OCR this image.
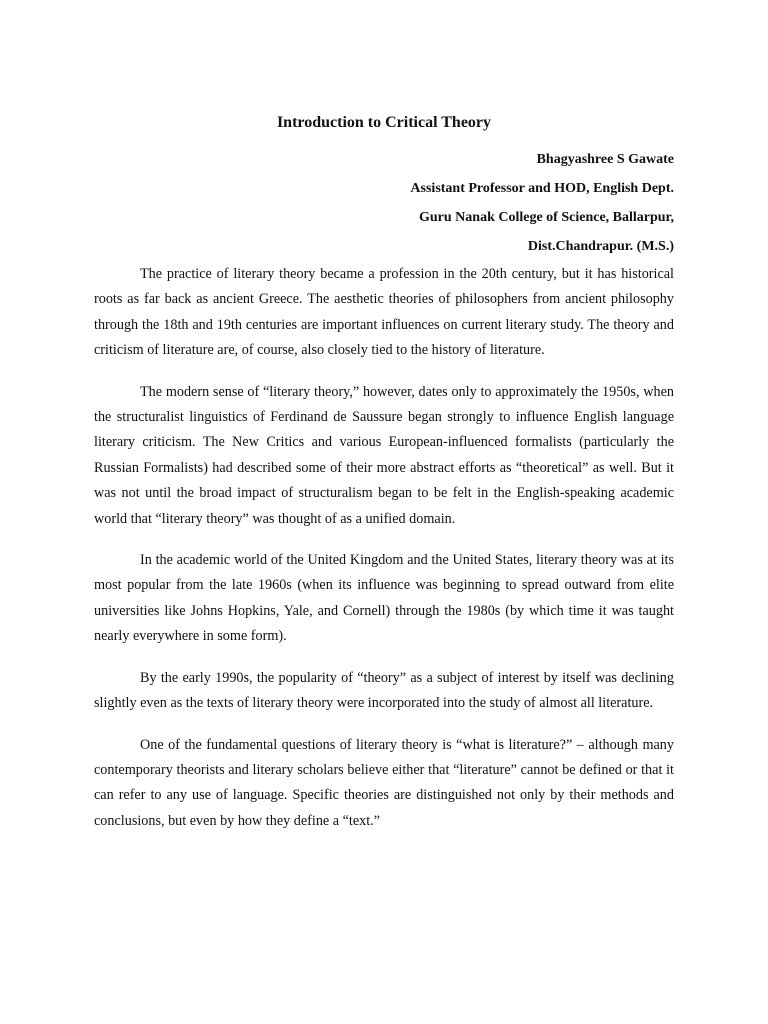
Introduction to Critical Theory
Bhagyashree S Gawate
Assistant Professor and HOD, English Dept.
Guru Nanak College of Science, Ballarpur,
Dist.Chandrapur. (M.S.)

The practice of literary theory became a profession in the 20th century, but it has historical roots as far back as ancient Greece. The aesthetic theories of philosophers from ancient philosophy through the 18th and 19th centuries are important influences on current literary study. The theory and criticism of literature are, of course, also closely tied to the history of literature.

The modern sense of “literary theory,” however, dates only to approximately the 1950s, when the structuralist linguistics of Ferdinand de Saussure began strongly to influence English language literary criticism. The New Critics and various European-influenced formalists (particularly the Russian Formalists) had described some of their more abstract efforts as “theoretical” as well. But it was not until the broad impact of structuralism began to be felt in the English-speaking academic world that “literary theory” was thought of as a unified domain.

In the academic world of the United Kingdom and the United States, literary theory was at its most popular from the late 1960s (when its influence was beginning to spread outward from elite universities like Johns Hopkins, Yale, and Cornell) through the 1980s (by which time it was taught nearly everywhere in some form).

By the early 1990s, the popularity of “theory” as a subject of interest by itself was declining slightly even as the texts of literary theory were incorporated into the study of almost all literature.

One of the fundamental questions of literary theory is “what is literature?” – although many contemporary theorists and literary scholars believe either that “literature” cannot be defined or that it can refer to any use of language. Specific theories are distinguished not only by their methods and conclusions, but even by how they define a “text.”
